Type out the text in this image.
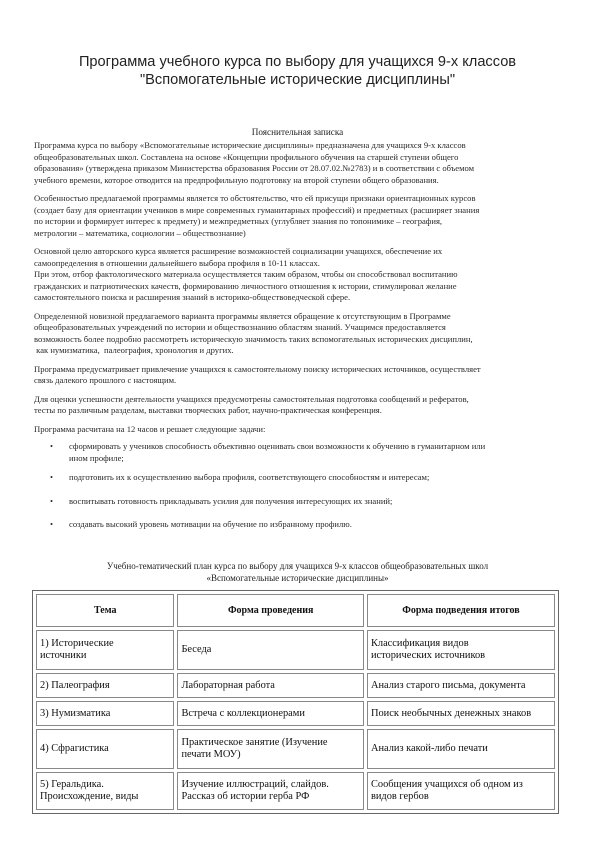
Программа учебного курса по выбору для учащихся 9-х классов
"Вспомогательные исторические дисциплины"
Пояснительная записка

Программа курса по выбору «Вспомогательные исторические дисциплины» предназначена для учащихся 9-х классов
общеобразовательных школ. Составлена на основе «Концепции профильного обучения на старшей ступени общего
образования» (утверждена приказом Министерства образования России от 28.07.02.№2783) и в соответствии с объемом
учебного времени, которое отводится на предпрофильную подготовку на второй ступени общего образования.

Особенностью предлагаемой программы является то обстоятельство, что ей присущи признаки ориентационных курсов
(создает базу для ориентации учеников в мире современных гуманитарных профессий) и предметных (расширяет знания
по истории и формирует интерес к предмету) и межпредметных (углубляет знания по топонимике – география,
метрологии – математика, социологии – обществознание)

Основной целю авторского курса является расширение возможностей социализации учащихся, обеспечение их
самоопределения в отношении дальнейшего выбора профиля в 10-11 классах.
При этом, отбор фактологического материала осуществляется таким образом, чтобы он способствовал воспитанию
гражданских и патриотических качеств, формированию личностного отношения к истории, стимулировал желание
самостоятельного поиска и расширения знаний в историко-обществоведческой сфере.

Определенной новизной предлагаемого варианта программы является обращение к отсутствующим в Программе
общеобразовательных учреждений по истории и обществознанию областям знаний. Учащимся предоставляется
возможность более подробно рассмотреть историческую значимость таких вспомогательных исторических дисциплин,
как нумизматика,  палеография, хронология и других.

Программа предусматривает привлечение учащихся к самостоятельному поиску исторических источников, осуществляет
связь далекого прошлого с настоящим.

Для оценки успешности деятельности учащихся предусмотрены самостоятельная подготовка сообщений и рефератов,
тесты по различным разделам, выставки творческих работ, научно-практическая конференция.

Программа расчитана на 12 часов и решает следующие задачи:

• сформировать у учеников способность объективно оценивать свои возможности к обучению в гуманитарном или
ином профиле;
• подготовить их к осуществлению выбора профиля, соответствующего способностям и интересам;
• воспитывать готовность прикладывать усилия для получения интересующих их знаний;
• создавать высокий уровень мотивации на обучение по избранному профилю.
Учебно-тематический план курса по выбору для учащихся 9-х классов общеобразовательных школ
«Вспомогательные исторические дисциплины»
Тема	Форма проведения	Форма подведения итогов

1) Исторические
источники	Беседа	Классификация видов
исторических источников

2) Палеография	Лабораторная работа	Анализ старого письма, документа

3) Нумизматика	Встреча с коллекционерами	Поиск необычных денежных знаков

4) Сфрагистика	Практическое занятие (Изучение
печати МОУ)	Анализ какой-либо печати

5) Геральдика.
Происхождение, виды	Изучение иллюстраций, слайдов.
Рассказ об истории герба РФ	Сообщения учащихся об одном из
видов гербов
